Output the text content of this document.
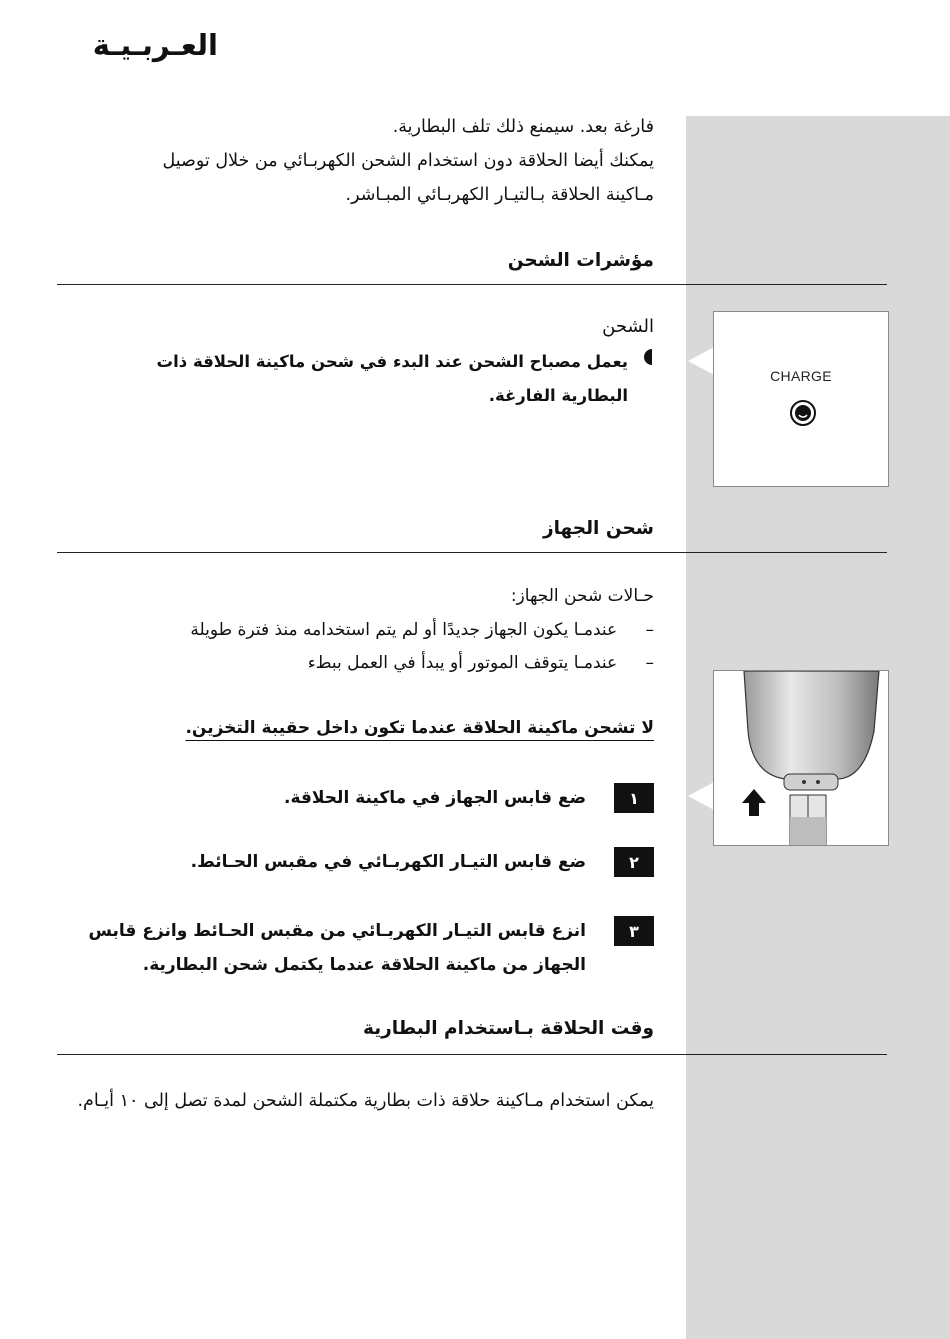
العـربـيـة
فارغة بعد. سيمنع ذلك تلف البطارية.
يمكنك أيضا الحلاقة دون استخدام الشحن الكهربـائي من خلال توصيل
مـاكينة الحلاقة بـالتيـار الكهربـائي المبـاشر.
مؤشرات الشحن
الشحن
يعمل مصباح الشحن عند البدء في شحن ماكينة الحلاقة ذات البطارية الفارغة.
CHARGE
شحن الجهاز
حـالات شحن الجهاز:
–  عندمـا يكون الجهاز جديدًا أو لم يتم استخدامه منذ فترة طويلة
–  عندمـا يتوقف الموتور أو يبدأ في العمل ببطء
لا تشحن ماكينة الحلاقة عندما تكون داخل حقيبة التخزين.
١
ضع قابس الجهاز في ماكينة الحلاقة.
٢
ضع قابس التيـار الكهربـائي في مقبس الحـائط.
٣
انزع قابس التيـار الكهربـائي من مقبس الحـائط وانزع قابس الجهاز من ماكينة الحلاقة عندما يكتمل شحن البطارية.
وقت الحلاقة بـاستخدام البطارية
يمكن استخدام مـاكينة حلاقة ذات بطارية مكتملة الشحن لمدة تصل إلى ١٠ أيـام.
